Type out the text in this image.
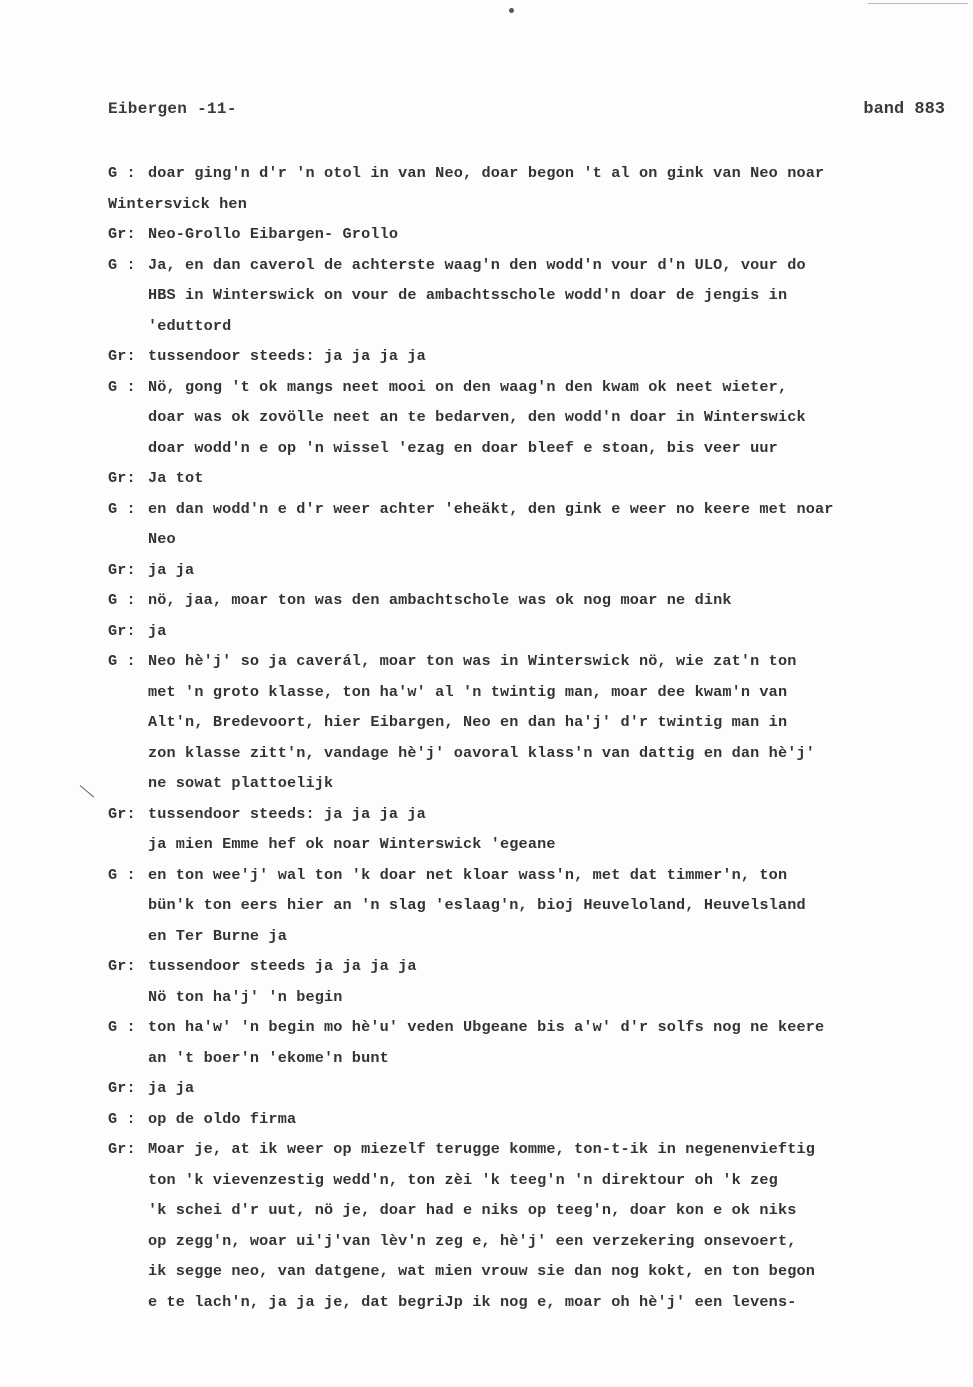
Eibergen -11-	band 883
G : doar ging'n d'r 'n otol in van Neo, doar begon 't al on gink van Neo noar
Wintersvick hen
Gr: Neo-Grollo Eibargen- Grollo
G : Ja, en dan caverol de achterste waag'n den wodd'n vour d'n ULO, vour do
HBS in Winterswick on vour de ambachtsschole wodd'n doar de jengis in
'eduttord
Gr: tussendoor steeds: ja ja ja ja
G : Nö, gong 't ok mangs neet mooi on den waag'n den kwam ok neet wieter,
doar was ok zovölle neet an te bedarven, den wodd'n doar in Winterswick
doar wodd'n e op 'n wissel 'ezag en doar bleef e stoan, bis veer uur
Gr: Ja tot
G : en dan wodd'n e d'r weer achter 'eheäkt, den gink e weer no keere met noar
Neo
Gr: ja ja
G : nö, jaa, moar ton was den ambachtschole was ok nog moar ne dink
Gr: ja
G : Neo hè'j' so ja caverál, moar ton was in Winterswick nö, wie zat'n ton
met 'n groto klasse, ton ha'w' al 'n twintig man, moar dee kwam'n van
Alt'n, Bredevoort, hier Eibargen, Neo en dan ha'j' d'r twintig man in
zon klasse zitt'n, vandage hè'j' oavoral klass'n van dattig en dan hè'j'
ne sowat plattoelijk
Gr: tussendoor steeds: ja ja ja ja
ja mien Emme hef ok noar Winterswick 'egeane
G : en ton wee'j' wal ton 'k doar net kloar wass'n, met dat timmer'n, ton
bün'k ton eers hier an 'n slag 'eslaag'n, bioj Heuveloland, Heuvelsland
en Ter Burne ja
Gr: tussendoor steeds ja ja ja ja
Nö ton ha'j' 'n begin
G : ton ha'w' 'n begin mo hè'u' veden Ubgeane bis a'w' d'r solfs nog ne keere
an 't boer'n 'ekome'n bunt
Gr: ja ja
G : op de oldo firma
Gr: Moar je, at ik weer op miezelf terugge komme, ton-t-ik in negenenvieftig
ton 'k vievenzestig wedd'n, ton zèi 'k teeg'n 'n direktour oh 'k zeg
'k schei d'r uut, nö je, doar had e niks op teeg'n, doar kon e ok niks
op zegg'n, woar ui'j'van lèv'n zeg e, hè'j' een verzekering onsevoert,
ik segge neo, van datgene, wat mien vrouw sie dan nog kokt, en ton begon
e te lach'n, ja ja je, dat begriJp ik nog e, moar oh hè'j' een levens-
